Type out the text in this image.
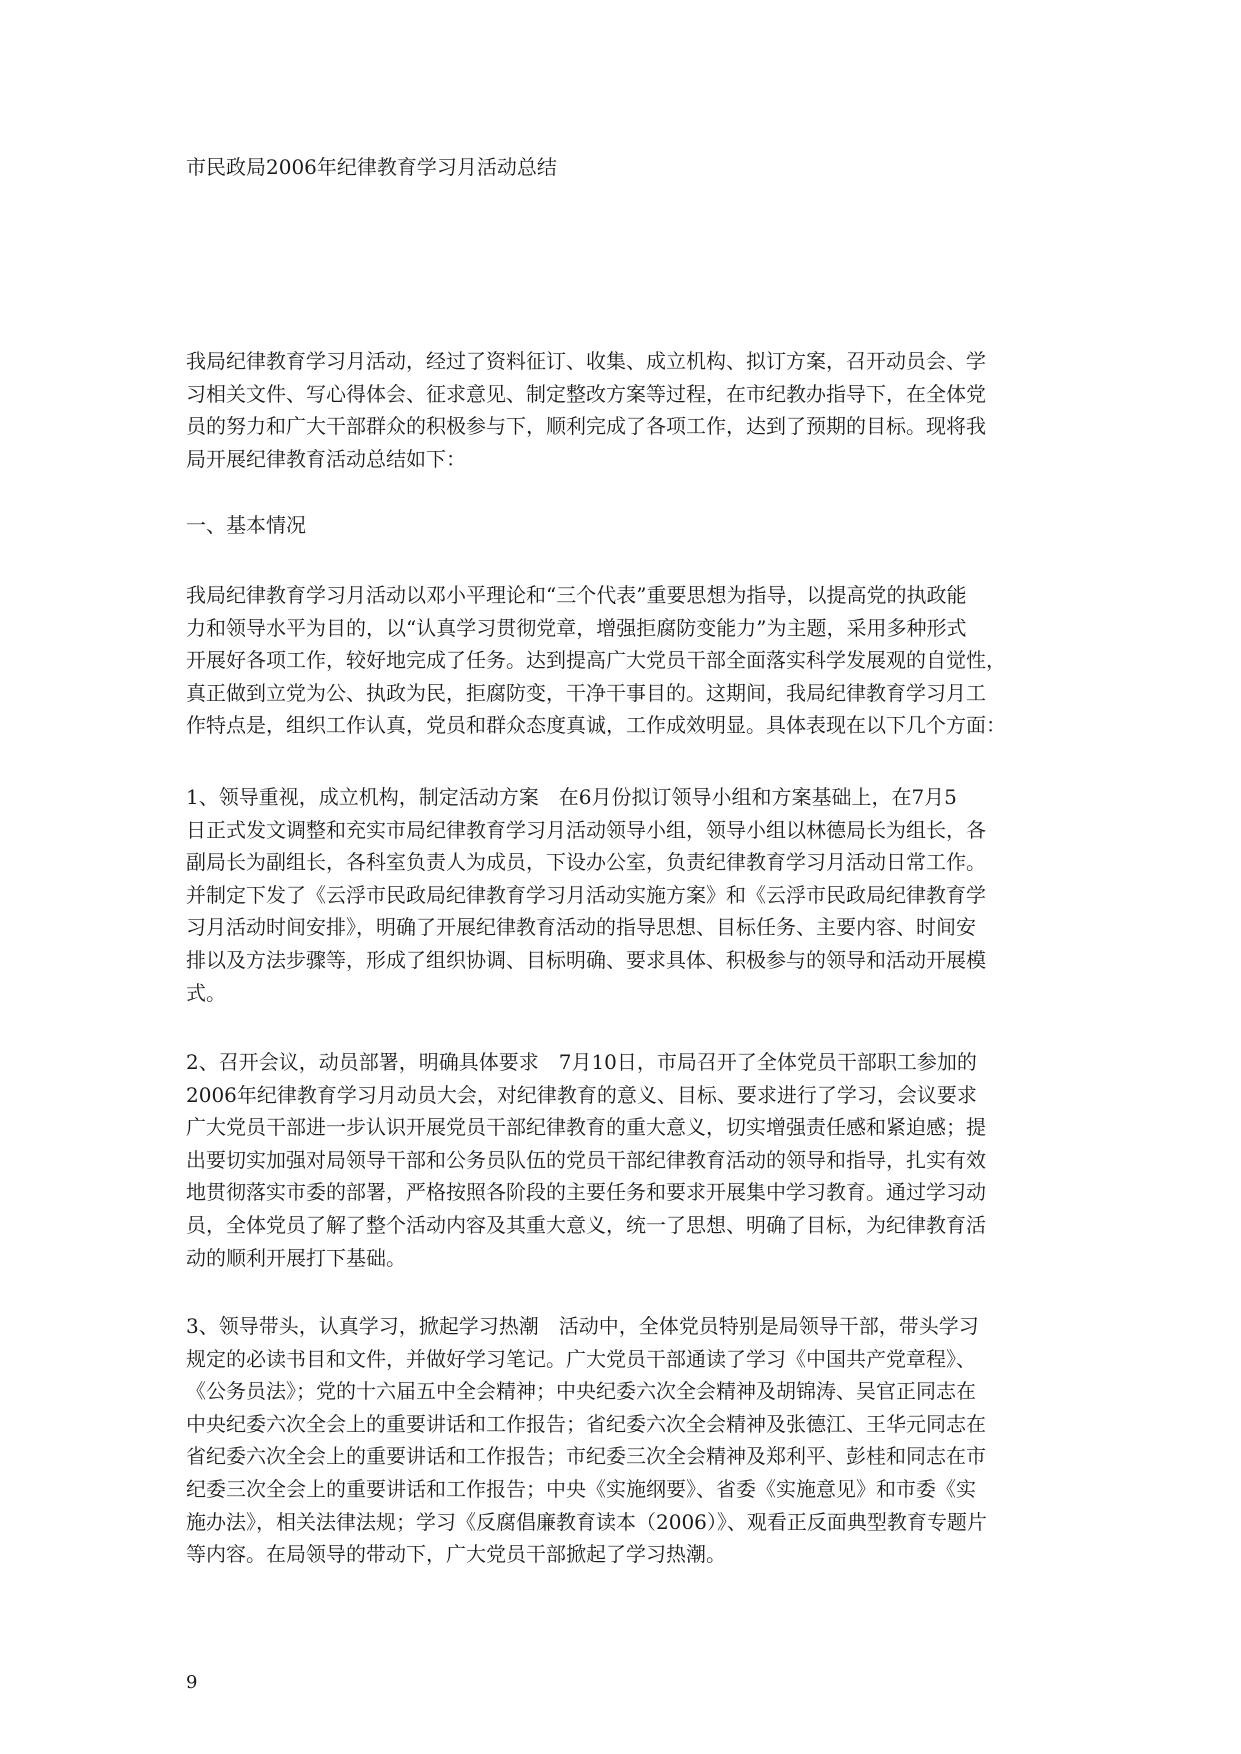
市民政局2006年纪律教育学习月活动总结

我局纪律教育学习月活动，经过了资料征订、收集、成立机构、拟订方案，召开动员会、学
习相关文件、写心得体会、征求意见、制定整改方案等过程，在市纪教办指导下，在全体党
员的努力和广大干部群众的积极参与下，顺利完成了各项工作，达到了预期的目标。现将我
局开展纪律教育活动总结如下：

一、基本情况

我局纪律教育学习月活动以邓小平理论和“三个代表”重要思想为指导，以提高党的执政能
力和领导水平为目的，以“认真学习贯彻党章，增强拒腐防变能力”为主题，采用多种形式
开展好各项工作，较好地完成了任务。达到提高广大党员干部全面落实科学发展观的自觉性，
真正做到立党为公、执政为民，拒腐防变，干净干事目的。这期间，我局纪律教育学习月工
作特点是，组织工作认真，党员和群众态度真诚，工作成效明显。具体表现在以下几个方面：

1、领导重视，成立机构，制定活动方案　在6月份拟订领导小组和方案基础上，在7月5
日正式发文调整和充实市局纪律教育学习月活动领导小组，领导小组以林德局长为组长，各
副局长为副组长，各科室负责人为成员，下设办公室，负责纪律教育学习月活动日常工作。
并制定下发了《云浮市民政局纪律教育学习月活动实施方案》和《云浮市民政局纪律教育学
习月活动时间安排》，明确了开展纪律教育活动的指导思想、目标任务、主要内容、时间安
排以及方法步骤等，形成了组织协调、目标明确、要求具体、积极参与的领导和活动开展模
式。

2、召开会议，动员部署，明确具体要求　7月10日，市局召开了全体党员干部职工参加的
2006年纪律教育学习月动员大会，对纪律教育的意义、目标、要求进行了学习，会议要求
广大党员干部进一步认识开展党员干部纪律教育的重大意义，切实增强责任感和紧迫感；提
出要切实加强对局领导干部和公务员队伍的党员干部纪律教育活动的领导和指导，扎实有效
地贯彻落实市委的部署，严格按照各阶段的主要任务和要求开展集中学习教育。通过学习动
员，全体党员了解了整个活动内容及其重大意义，统一了思想、明确了目标，为纪律教育活
动的顺利开展打下基础。

3、领导带头，认真学习，掀起学习热潮　活动中，全体党员特别是局领导干部，带头学习
规定的必读书目和文件，并做好学习笔记。广大党员干部通读了学习《中国共产党章程》、
《公务员法》；党的十六届五中全会精神；中央纪委六次全会精神及胡锦涛、吴官正同志在
中央纪委六次全会上的重要讲话和工作报告；省纪委六次全会精神及张德江、王华元同志在
省纪委六次全会上的重要讲话和工作报告；市纪委三次全会精神及郑利平、彭桂和同志在市
纪委三次全会上的重要讲话和工作报告；中央《实施纲要》、省委《实施意见》和市委《实
施办法》，相关法律法规；学习《反腐倡廉教育读本（2006）》、观看正反面典型教育专题片
等内容。在局领导的带动下，广大党员干部掀起了学习热潮。

9
